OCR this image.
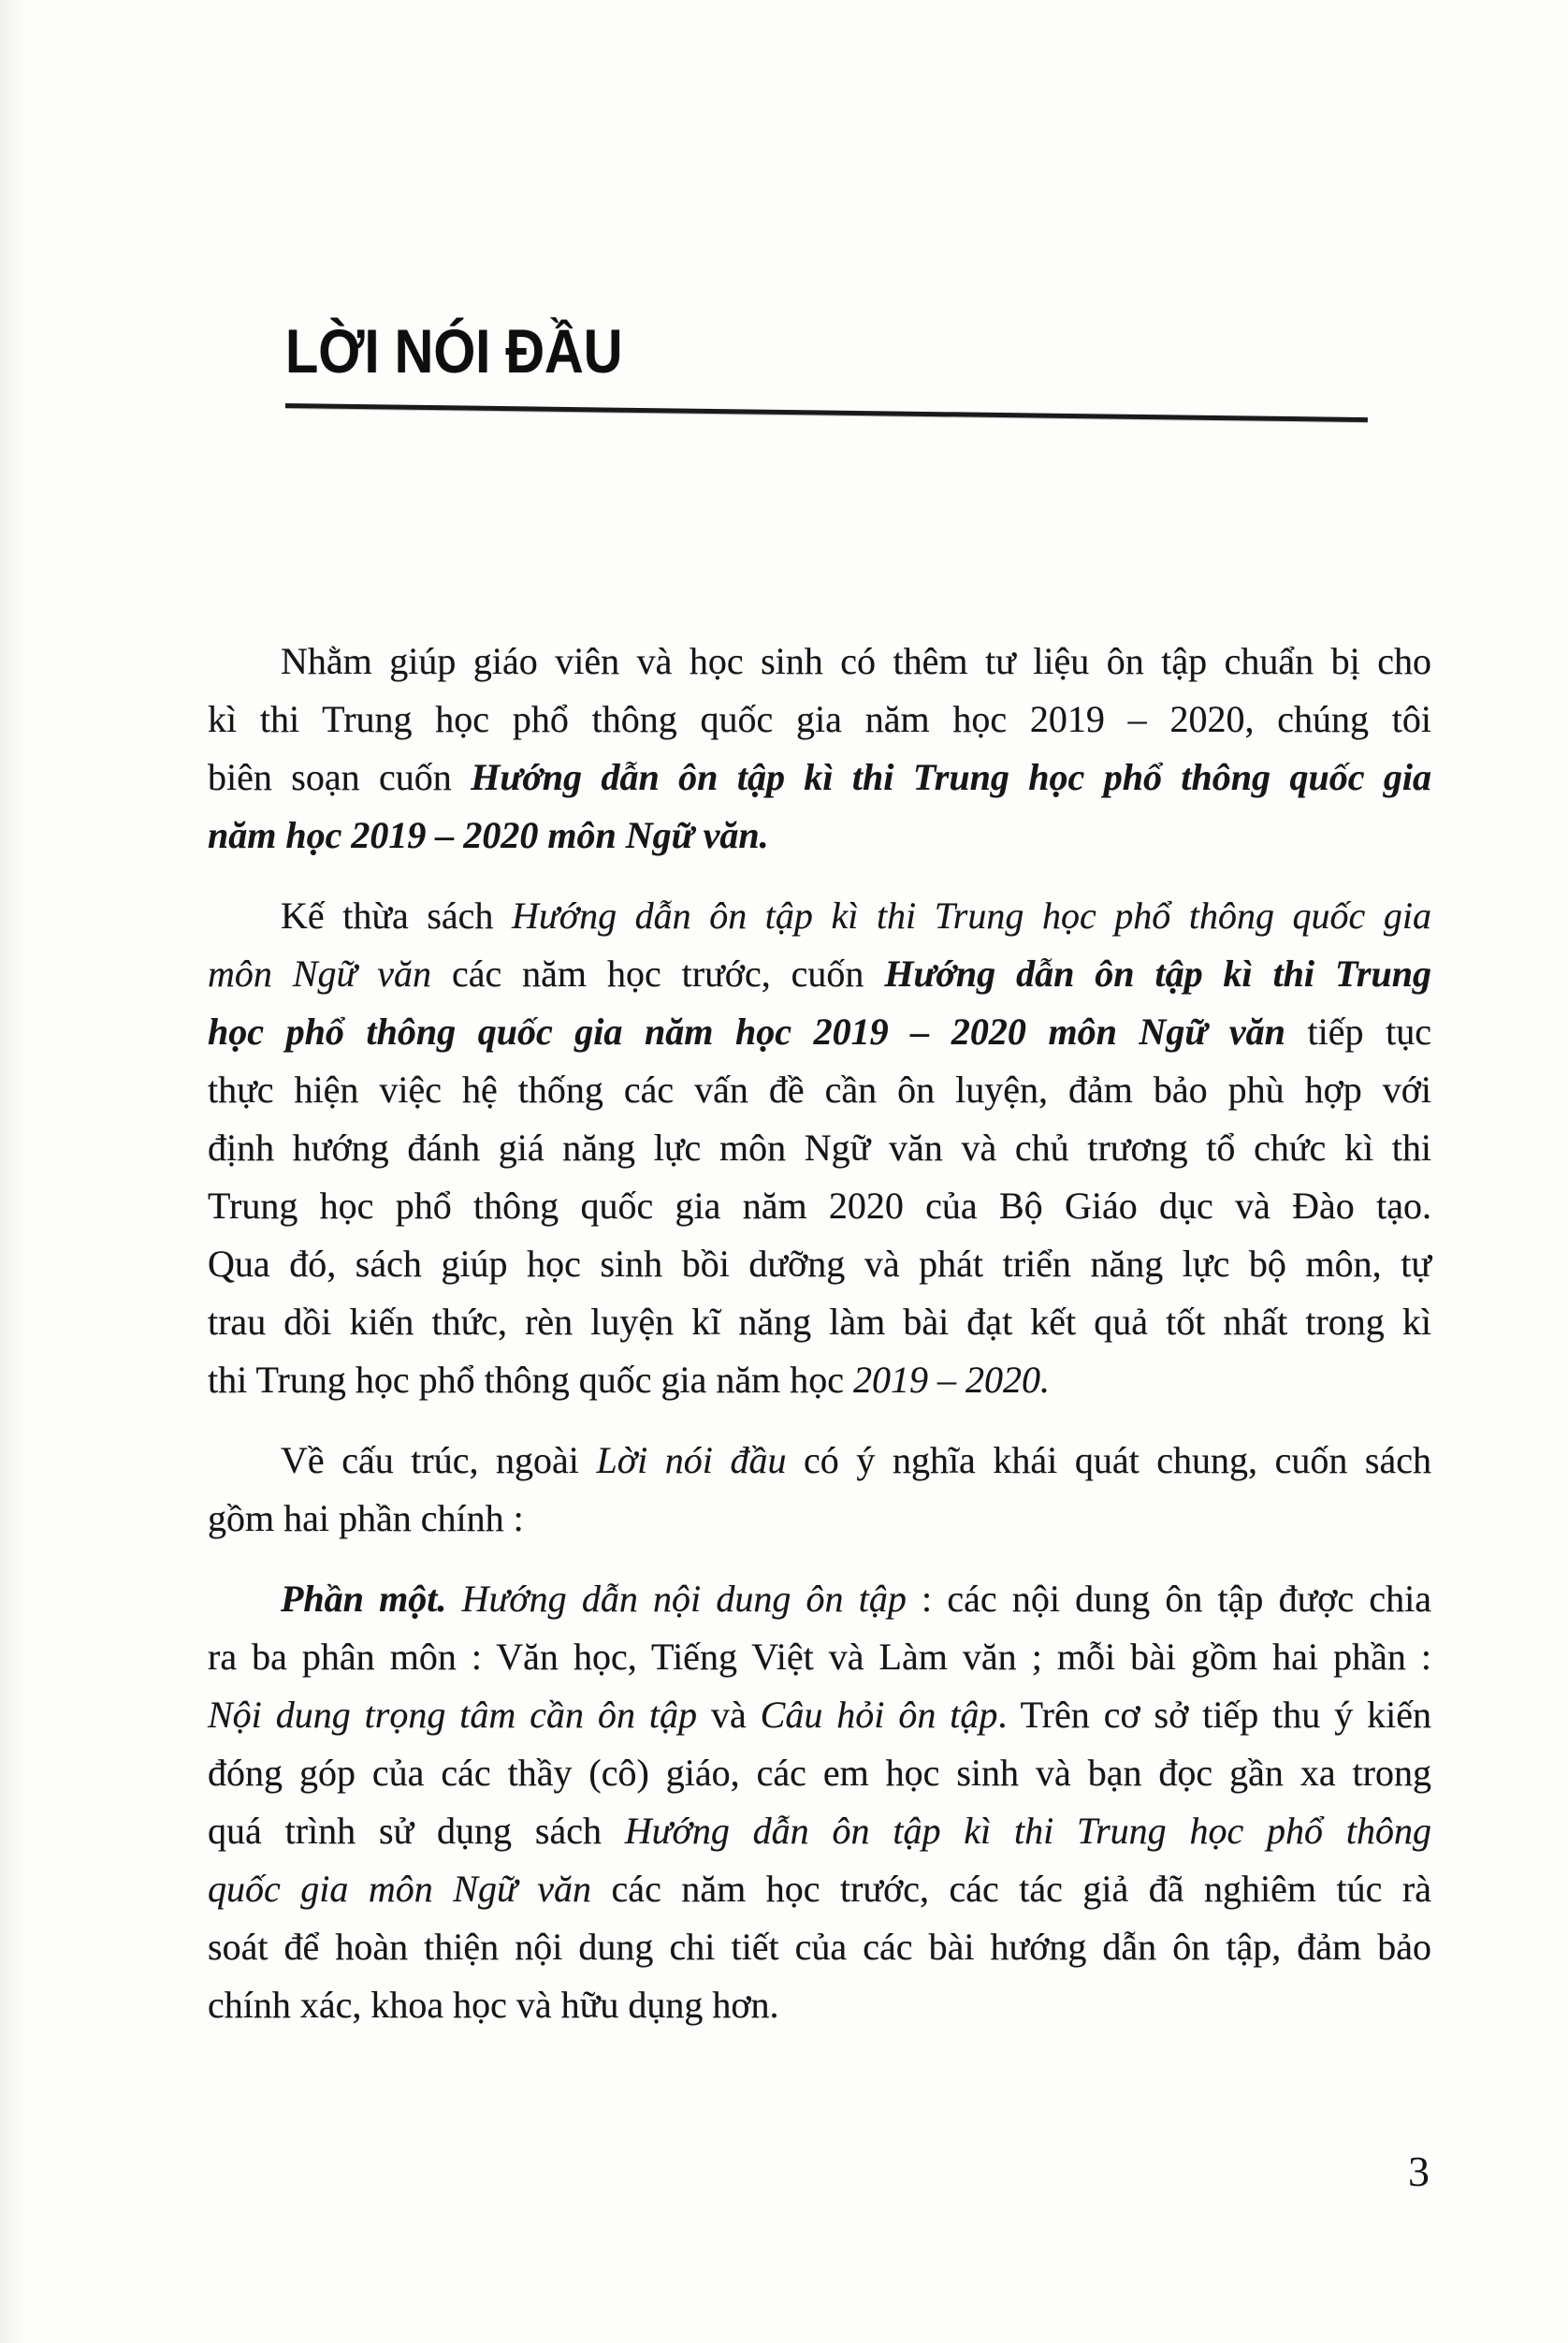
LỜI NÓI ĐẦU
Nhằm giúp giáo viên và học sinh có thêm tư liệu ôn tập chuẩn bị cho
kì thi Trung học phổ thông quốc gia năm học 2019 – 2020, chúng tôi
biên soạn cuốn Hướng dẫn ôn tập kì thi Trung học phổ thông quốc gia
năm học 2019 – 2020 môn Ngữ văn.
Kế thừa sách Hướng dẫn ôn tập kì thi Trung học phổ thông quốc gia
môn Ngữ văn các năm học trước, cuốn Hướng dẫn ôn tập kì thi Trung
học phổ thông quốc gia năm học 2019 – 2020 môn Ngữ văn tiếp tục
thực hiện việc hệ thống các vấn đề cần ôn luyện, đảm bảo phù hợp với
định hướng đánh giá năng lực môn Ngữ văn và chủ trương tổ chức kì thi
Trung học phổ thông quốc gia năm 2020 của Bộ Giáo dục và Đào tạo.
Qua đó, sách giúp học sinh bồi dưỡng và phát triển năng lực bộ môn, tự
trau dồi kiến thức, rèn luyện kĩ năng làm bài đạt kết quả tốt nhất trong kì
thi Trung học phổ thông quốc gia năm học 2019 – 2020.
Về cấu trúc, ngoài Lời nói đầu có ý nghĩa khái quát chung, cuốn sách
gồm hai phần chính :
Phần một. Hướng dẫn nội dung ôn tập : các nội dung ôn tập được chia
ra ba phân môn : Văn học, Tiếng Việt và Làm văn ; mỗi bài gồm hai phần :
Nội dung trọng tâm cần ôn tập và Câu hỏi ôn tập. Trên cơ sở tiếp thu ý kiến
đóng góp của các thầy (cô) giáo, các em học sinh và bạn đọc gần xa trong
quá trình sử dụng sách Hướng dẫn ôn tập kì thi Trung học phổ thông
quốc gia môn Ngữ văn các năm học trước, các tác giả đã nghiêm túc rà
soát để hoàn thiện nội dung chi tiết của các bài hướng dẫn ôn tập, đảm bảo
chính xác, khoa học và hữu dụng hơn.
3
